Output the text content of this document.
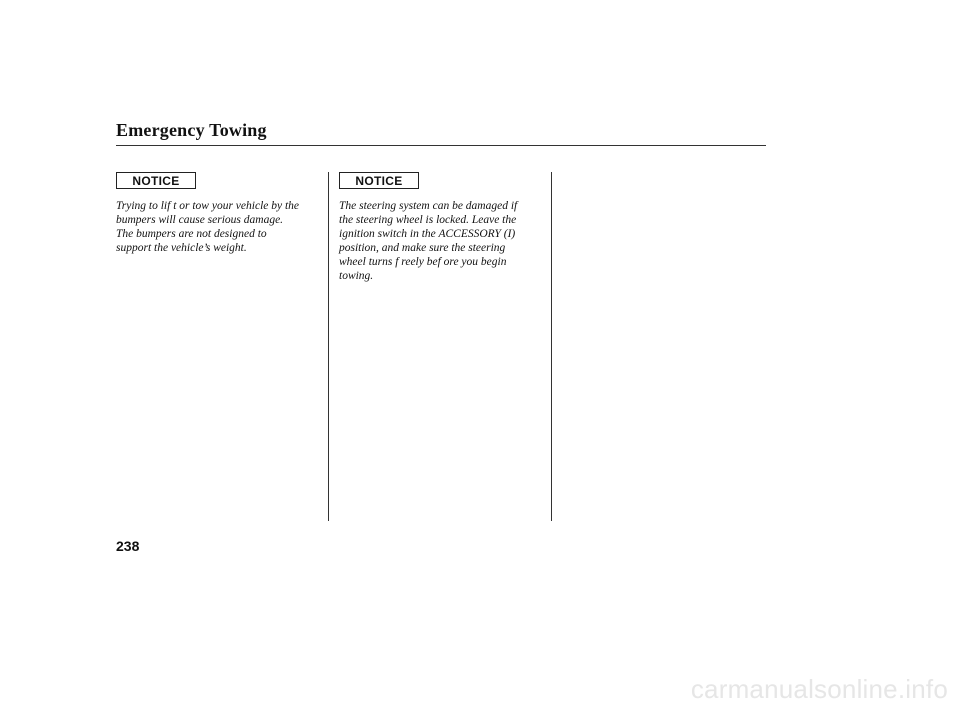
Emergency Towing
NOTICE

Trying to lif t or tow your vehicle by the
bumpers will cause serious damage.
The bumpers are not designed to
support the vehicle’s weight.

NOTICE

The steering system can be damaged if
the steering wheel is locked. Leave the
ignition switch in the ACCESSORY (I)
position, and make sure the steering
wheel turns f reely bef ore you begin
towing.

238
carmanualsonline.info
